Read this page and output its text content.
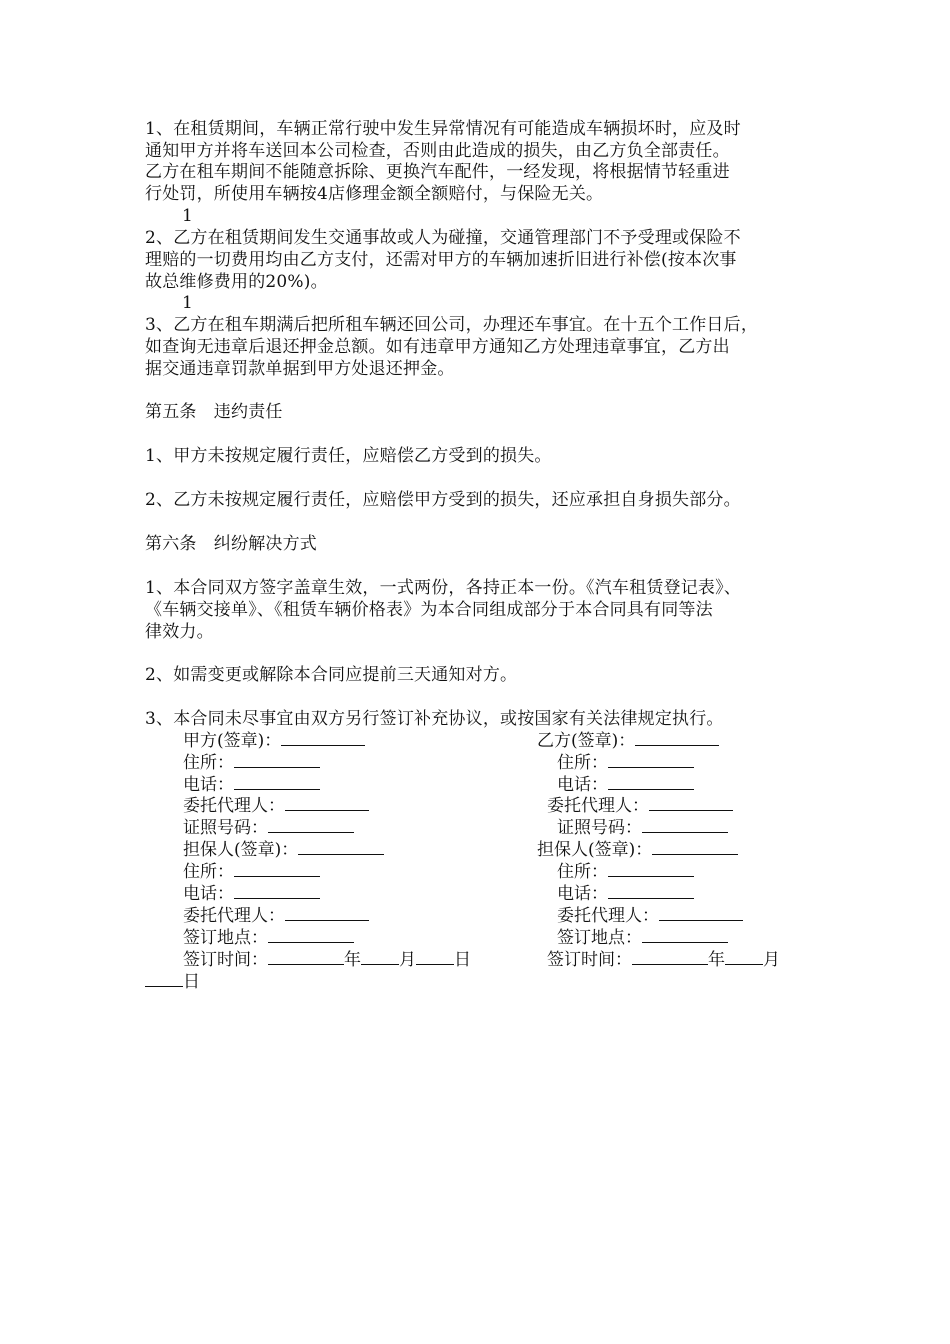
1、在租赁期间，车辆正常行驶中发生异常情况有可能造成车辆损坏时，应及时
通知甲方并将车送回本公司检查，否则由此造成的损失，由乙方负全部责任。
乙方在租车期间不能随意拆除、更换汽车配件，一经发现，将根据情节轻重进
行处罚，所使用车辆按4店修理金额全额赔付，与保险无关。
1
2、乙方在租赁期间发生交通事故或人为碰撞，交通管理部门不予受理或保险不
理赔的一切费用均由乙方支付，还需对甲方的车辆加速折旧进行补偿(按本次事
故总维修费用的20%)。
1
3、乙方在租车期满后把所租车辆还回公司，办理还车事宜。在十五个工作日后，
如查询无违章后退还押金总额。如有违章甲方通知乙方处理违章事宜，乙方出
据交通违章罚款单据到甲方处退还押金。
第五条　违约责任
1、甲方未按规定履行责任，应赔偿乙方受到的损失。
2、乙方未按规定履行责任，应赔偿甲方受到的损失，还应承担自身损失部分。
第六条　纠纷解决方式
1、本合同双方签字盖章生效，一式两份，各持正本一份。《汽车租赁登记表》、
《车辆交接单》、《租赁车辆价格表》为本合同组成部分于本合同具有同等法
律效力。
2、如需变更或解除本合同应提前三天通知对方。
3、本合同未尽事宜由双方另行签订补充协议，或按国家有关法律规定执行。
甲方(签章)：
住所：
电话：
委托代理人：
证照号码：
担保人(签章)：
住所：
电话：
委托代理人：
签订地点：
签订时间：	年 月 日
乙方(签章)：
住所：
电话：
委托代理人：
证照号码：
担保人(签章)：
住所：
电话：
委托代理人：
签订地点：
签订时间：	年 月
日
